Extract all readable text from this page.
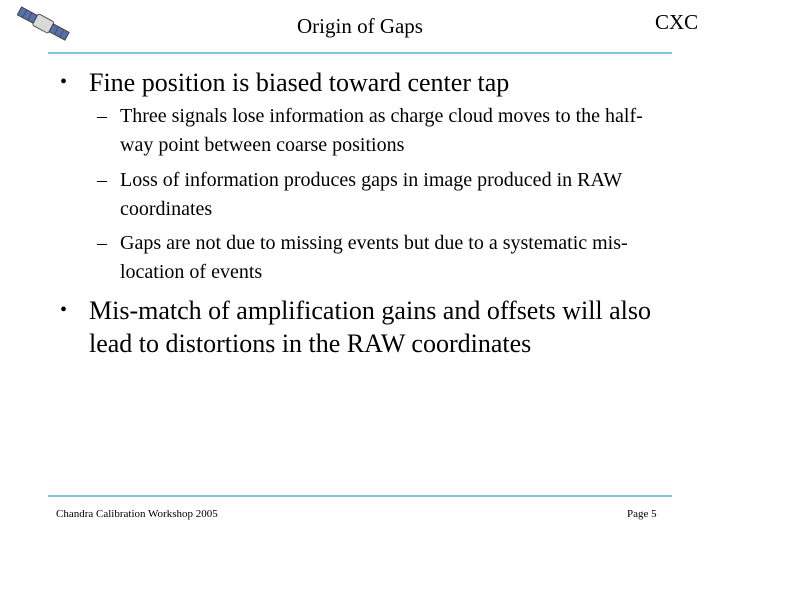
Origin of Gaps	CXC
• Fine position is biased toward center tap
– Three signals lose information as charge cloud moves to the half-way point between coarse positions
– Loss of information produces gaps in image produced in RAW coordinates
– Gaps are not due to missing events but due to a systematic mis-location of events
• Mis-match of amplification gains and offsets will also lead to distortions in the RAW coordinates
Chandra Calibration Workshop 2005	Page 5
